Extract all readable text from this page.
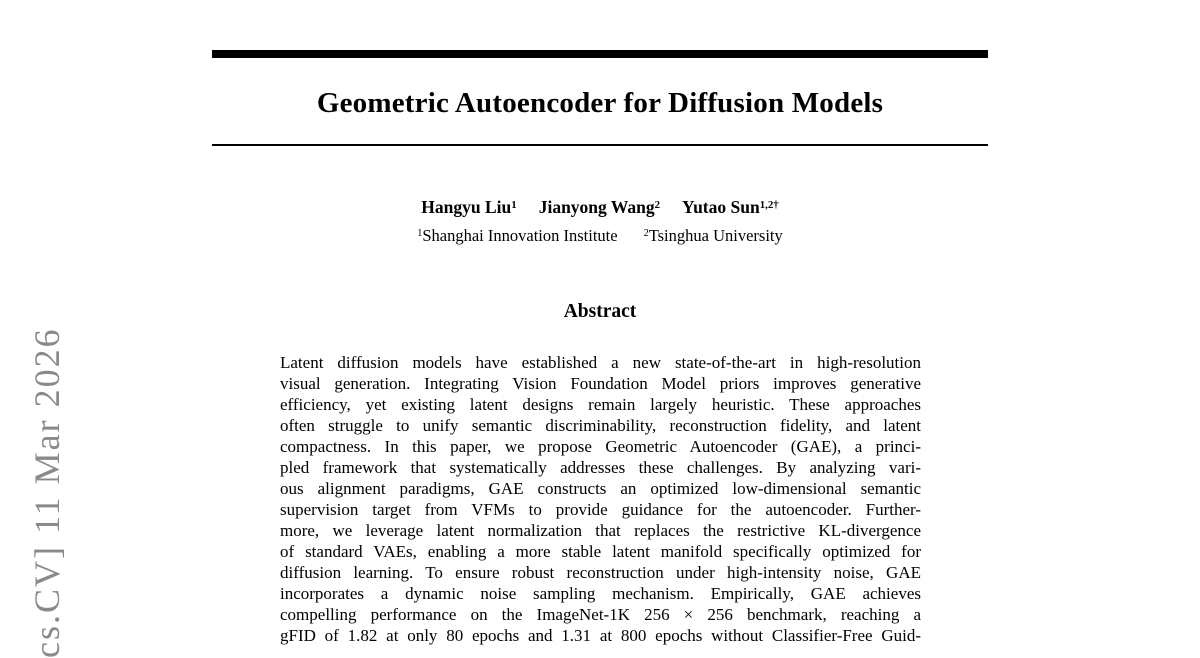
cs.CV] 11 Mar 2026
Geometric Autoencoder for Diffusion Models
Hangyu Liu$^1$ Jianyong Wang$^2$ Yutao Sun$^{1,2\dagger}$
$^1$Shanghai Innovation Institute	$^2$Tsinghua University
Abstract
Latent diffusion models have established a new state-of-the-art in high-resolution
visual generation. Integrating Vision Foundation Model priors improves generative
efficiency, yet existing latent designs remain largely heuristic. These approaches
often struggle to unify semantic discriminability, reconstruction fidelity, and latent
compactness. In this paper, we propose Geometric Autoencoder (GAE), a princi-
pled framework that systematically addresses these challenges. By analyzing vari-
ous alignment paradigms, GAE constructs an optimized low-dimensional semantic
supervision target from VFMs to provide guidance for the autoencoder. Further-
more, we leverage latent normalization that replaces the restrictive KL-divergence
of standard VAEs, enabling a more stable latent manifold specifically optimized for
diffusion learning. To ensure robust reconstruction under high-intensity noise, GAE
incorporates a dynamic noise sampling mechanism. Empirically, GAE achieves
compelling performance on the ImageNet-1K 256 × 256 benchmark, reaching a
gFID of 1.82 at only 80 epochs and 1.31 at 800 epochs without Classifier-Free Guid-
